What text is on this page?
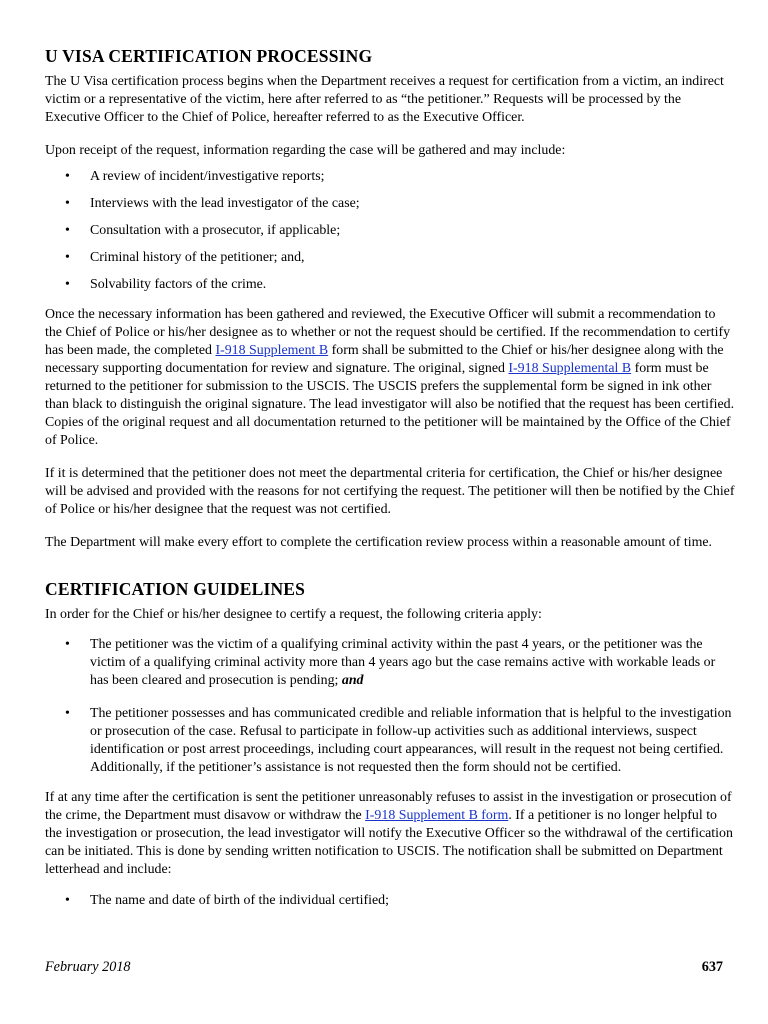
U VISA CERTIFICATION PROCESSING

The U Visa certification process begins when the Department receives a request for certification from a victim, an indirect victim or a representative of the victim, here after referred to as “the petitioner.” Requests will be processed by the Executive Officer to the Chief of Police, hereafter referred to as the Executive Officer.

Upon receipt of the request, information regarding the case will be gathered and may include:

• A review of incident/investigative reports;
• Interviews with the lead investigator of the case;
• Consultation with a prosecutor, if applicable;
• Criminal history of the petitioner; and,
• Solvability factors of the crime.

Once the necessary information has been gathered and reviewed, the Executive Officer will submit a recommendation to the Chief of Police or his/her designee as to whether or not the request should be certified. If the recommendation to certify has been made, the completed I-918 Supplement B form shall be submitted to the Chief or his/her designee along with the necessary supporting documentation for review and signature. The original, signed I-918 Supplemental B form must be returned to the petitioner for submission to the USCIS. The USCIS prefers the supplemental form be signed in ink other than black to distinguish the original signature. The lead investigator will also be notified that the request has been certified. Copies of the original request and all documentation returned to the petitioner will be maintained by the Office of the Chief of Police.

If it is determined that the petitioner does not meet the departmental criteria for certification, the Chief or his/her designee will be advised and provided with the reasons for not certifying the request. The petitioner will then be notified by the Chief of Police or his/her designee that the request was not certified.

The Department will make every effort to complete the certification review process within a reasonable amount of time.

CERTIFICATION GUIDELINES

In order for the Chief or his/her designee to certify a request, the following criteria apply:

• The petitioner was the victim of a qualifying criminal activity within the past 4 years, or the petitioner was the victim of a qualifying criminal activity more than 4 years ago but the case remains active with workable leads or has been cleared and prosecution is pending; and
• The petitioner possesses and has communicated credible and reliable information that is helpful to the investigation or prosecution of the case. Refusal to participate in follow-up activities such as additional interviews, suspect identification or post arrest proceedings, including court appearances, will result in the request not being certified. Additionally, if the petitioner’s assistance is not requested then the form should not be certified.

If at any time after the certification is sent the petitioner unreasonably refuses to assist in the investigation or prosecution of the crime, the Department must disavow or withdraw the I-918 Supplement B form. If a petitioner is no longer helpful to the investigation or prosecution, the lead investigator will notify the Executive Officer so the withdrawal of the certification can be initiated. This is done by sending written notification to USCIS. The notification shall be submitted on Department letterhead and include:

• The name and date of birth of the individual certified;
February 2018	637
